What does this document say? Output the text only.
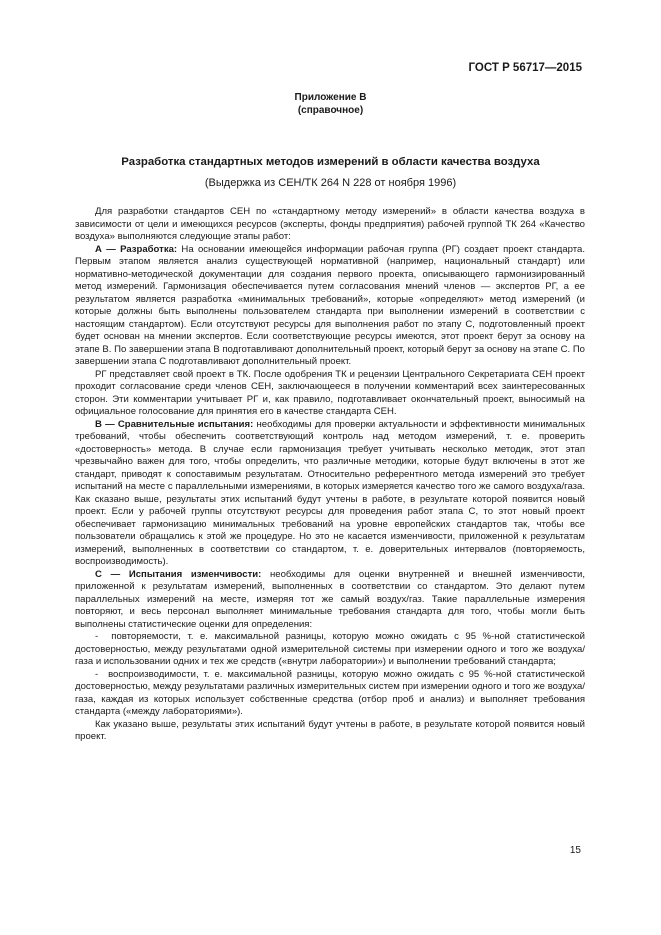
ГОСТ Р 56717—2015
Приложение В
(справочное)
Разработка стандартных методов измерений в области качества воздуха
(Выдержка из СЕН/ТК 264 N 228 от ноября 1996)

Для разработки стандартов СЕН по «стандартному методу измерений» в области качества воздуха в зависимости от цели и имеющихся ресурсов (эксперты, фонды предприятия) рабочей группой ТК 264 «Качество воздуха» выполняются следующие этапы работ:

А — Разработка: На основании имеющейся информации рабочая группа (РГ) создает проект стандарта. Первым этапом является анализ существующей нормативной (например, национальный стандарт) или нормативно-методической документации для создания первого проекта, описывающего гармонизированный метод измерений. Гармонизация обеспечивается путем согласования мнений членов — экспертов РГ, а ее результатом является разработка «минимальных требований», которые «определяют» метод измерений (и которые должны быть выполнены пользователем стандарта при выполнении измерений в соответствии с настоящим стандартом). Если отсутствуют ресурсы для выполнения работ по этапу С, подготовленный проект будет основан на мнении экспертов. Если соответствующие ресурсы имеются, этот проект берут за основу на этапе В. По завершении этапа В подготавливают дополнительный проект, который берут за основу на этапе С. По завершении этапа С подготавливают дополнительный проект.

РГ представляет свой проект в ТК. После одобрения ТК и рецензии Центрального Секретариата СЕН проект проходит согласование среди членов СЕН, заключающееся в получении комментарий всех заинтересованных сторон. Эти комментарии учитывает РГ и, как правило, подготавливает окончательный проект, выносимый на официальное голосование для принятия его в качестве стандарта СЕН.

В — Сравнительные испытания: необходимы для проверки актуальности и эффективности минимальных требований, чтобы обеспечить соответствующий контроль над методом измерений, т. е. проверить «достоверность» метода. В случае если гармонизация требует учитывать несколько методик, этот этап чрезвычайно важен для того, чтобы определить, что различные методики, которые будут включены в этот же стандарт, приводят к сопоставимым результатам. Относительно референтного метода измерений это требует испытаний на месте с параллельными измерениями, в которых измеряется качество того же самого воздуха/газа. Как сказано выше, результаты этих испытаний будут учтены в работе, в результате которой появится новый проект. Если у рабочей группы отсутствуют ресурсы для проведения работ этапа С, то этот новый проект обеспечивает гармонизацию минимальных требований на уровне европейских стандартов так, чтобы все пользователи обращались к этой же процедуре. Но это не касается изменчивости, приложенной к результатам измерений, выполненных в соответствии со стандартом, т. е. доверительных интервалов (повторяемость, воспроизводимость).

С — Испытания изменчивости: необходимы для оценки внутренней и внешней изменчивости, приложенной к результатам измерений, выполненных в соответствии со стандартом. Это делают путем параллельных измерений на месте, измеряя тот же самый воздух/газ. Такие параллельные измерения повторяют, и весь персонал выполняет минимальные требования стандарта для того, чтобы могли быть выполнены статистические оценки для определения:

- повторяемости, т. е. максимальной разницы, которую можно ожидать с 95 %-ной статистической достоверностью, между результатами одной измерительной системы при измерении одного и того же воздуха/газа и использовании одних и тех же средств («внутри лаборатории») и выполнении требований стандарта;

- воспроизводимости, т. е. максимальной разницы, которую можно ожидать с 95 %-ной статистической достоверностью, между результатами различных измерительных систем при измерении одного и того же воздуха/газа, каждая из которых использует собственные средства (отбор проб и анализ) и выполняет требования стандарта («между лабораториями»).

Как указано выше, результаты этих испытаний будут учтены в работе, в результате которой появится новый проект.

15
